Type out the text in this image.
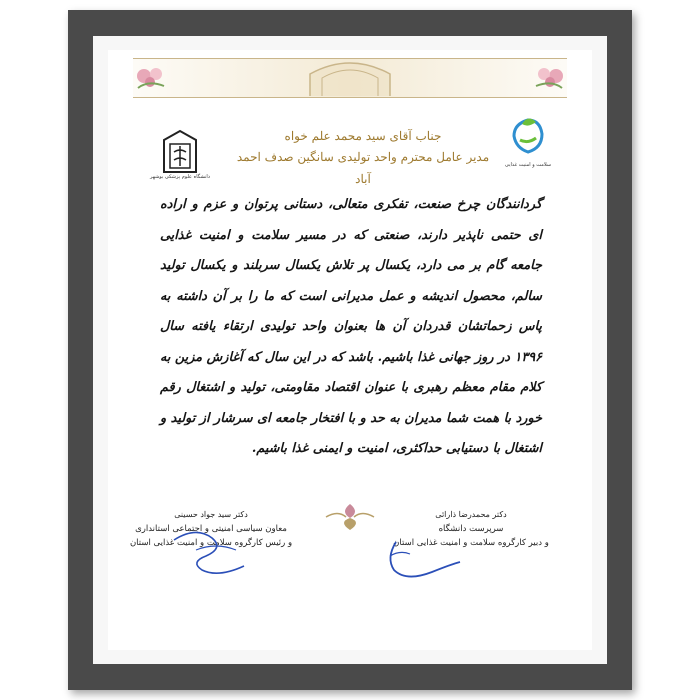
دانشگاه علوم پزشکی بوشهر
سلامت و امنیت غذایی
جناب آقای سید محمد علم خواه
مدیر عامل محترم واحد تولیدی سانگین صدف احمد آباد
گردانندگان چرخ صنعت، تفکری متعالی، دستانی پرتوان و عزم و اراده ای حتمی ناپذیر دارند، صنعتی که در مسیر سلامت و امنیت غذایی جامعه گام بر می دارد، یکسال پر تلاش یکسال سربلند و یکسال تولید سالم، محصول اندیشه و عمل مدیرانی است که ما را بر آن داشته به پاس زحماتشان قدردان آن ها بعنوان واحد تولیدی ارتقاء یافته سال ۱۳۹۶ در روز جهانی غذا باشیم. باشد که در این سال که آغازش مزین به کلام مقام معظم رهبری با عنوان اقتصاد مقاومتی، تولید و اشتغال رقم خورد با همت شما مدیران به حد و با افتخار جامعه ای سرشار از تولید و اشتغال با دستیابی حداکثری، امنیت و ایمنی غذا باشیم.
دکتر سید جواد حسینی
معاون سیاسی امنیتی و اجتماعی استانداری
و رئیس کارگروه سلامت و امنیت غذایی استان
دکتر محمدرضا ذارائی
سرپرست دانشگاه
و دبیر کارگروه سلامت و امنیت غذایی استان
